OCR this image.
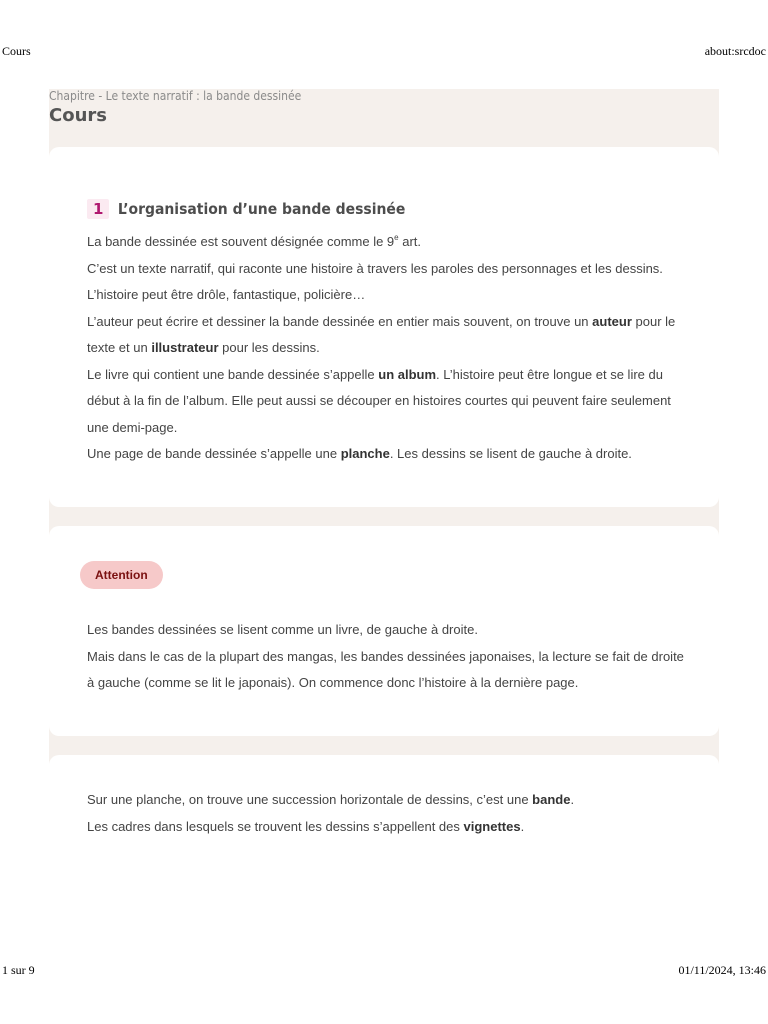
Cours	about:srcdoc
Chapitre - Le texte narratif : la bande dessinée
Cours
1 L’organisation d’une bande dessinée

La bande dessinée est souvent désignée comme le 9e art.

C’est un texte narratif, qui raconte une histoire à travers les paroles des personnages et les dessins. L’histoire peut être drôle, fantastique, policière…

L’auteur peut écrire et dessiner la bande dessinée en entier mais souvent, on trouve un auteur pour le texte et un illustrateur pour les dessins.

Le livre qui contient une bande dessinée s’appelle un album. L’histoire peut être longue et se lire du début à la fin de l’album. Elle peut aussi se découper en histoires courtes qui peuvent faire seulement une demi-page.

Une page de bande dessinée s’appelle une planche. Les dessins se lisent de gauche à droite.

Attention

Les bandes dessinées se lisent comme un livre, de gauche à droite.

Mais dans le cas de la plupart des mangas, les bandes dessinées japonaises, la lecture se fait de droite à gauche (comme se lit le japonais). On commence donc l’histoire à la dernière page.

Sur une planche, on trouve une succession horizontale de dessins, c’est une bande.

Les cadres dans lesquels se trouvent les dessins s’appellent des vignettes.

1 sur 9	01/11/2024, 13:46
